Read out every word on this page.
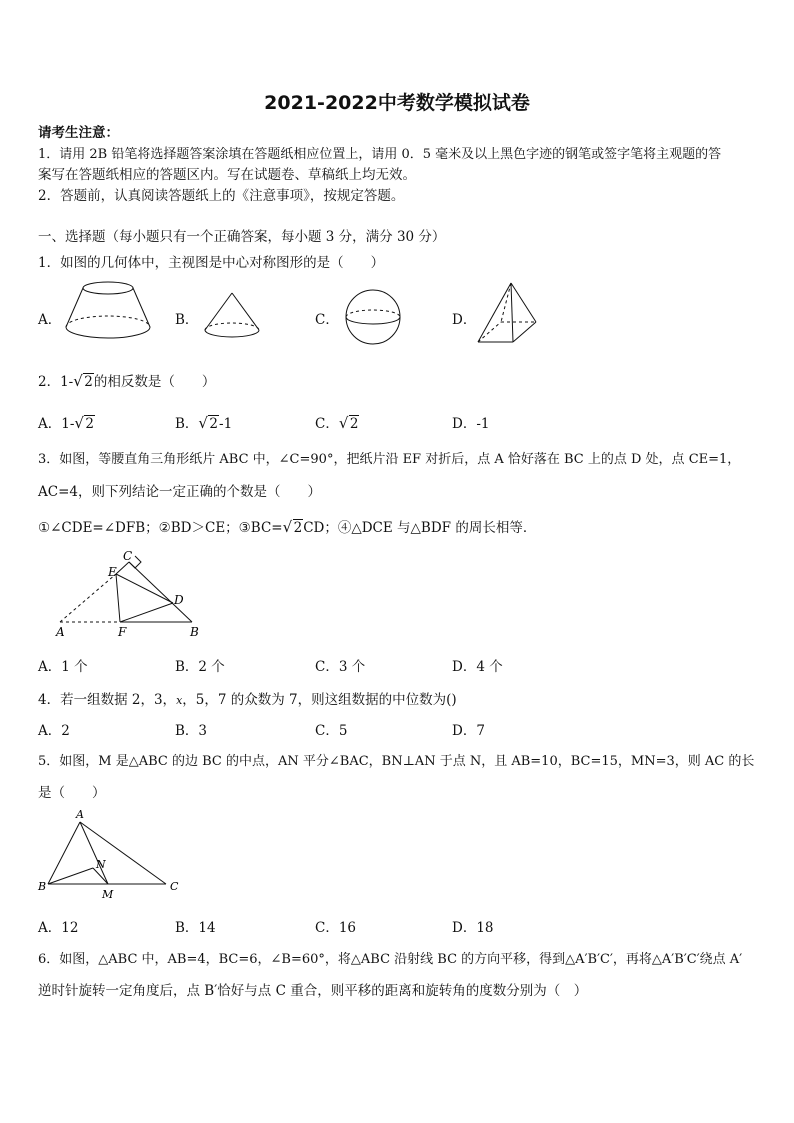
2021-2022中考数学模拟试卷
请考生注意：
1．请用 2B 铅笔将选择题答案涂填在答题纸相应位置上，请用 0．5 毫米及以上黑色字迹的钢笔或签字笔将主观题的答
案写在答题纸相应的答题区内。写在试题卷、草稿纸上均无效。
2．答题前，认真阅读答题纸上的《注意事项》，按规定答题。
一、选择题（每小题只有一个正确答案，每小题 3 分，满分 30 分）
1．如图的几何体中，主视图是中心对称图形的是（　　）
A．	B．	C．	D．
2．1- √ 2的相反数是（　　）
A．1- √ 2	B． √ 2-1	C． √ 2	D．-1
3．如图，等腰直角三角形纸片 ABC 中，∠C=90°，把纸片沿 EF 对折后，点 A 恰好落在 BC 上的点 D 处，点 CE=1，
AC=4，则下列结论一定正确的个数是（　　）
①∠CDE=∠DFB；②BD＞CE；③BC= √ 2CD；④△DCE 与△BDF 的周长相等．
C
E
D
A	F	B
A．1 个	B．2 个	C．3 个	D．4 个
4．若一组数据 2，3，x，5，7 的众数为 7，则这组数据的中位数为()
A．2	B．3	C．5	D．7
5．如图，M 是△ABC 的边 BC 的中点，AN 平分∠BAC，BN⊥AN 于点 N，且 AB=10，BC=15，MN=3，则 AC 的长
是（　　）
A
N
B
M
C
A．12	B．14	C．16	D．18
6．如图，△ABC 中，AB=4，BC=6，∠B=60°，将△ABC 沿射线 BC 的方向平移，得到△A′B′C′，再将△A′B′C′绕点 A′
逆时针旋转一定角度后，点 B′恰好与点 C 重合，则平移的距离和旋转角的度数分别为（　）
